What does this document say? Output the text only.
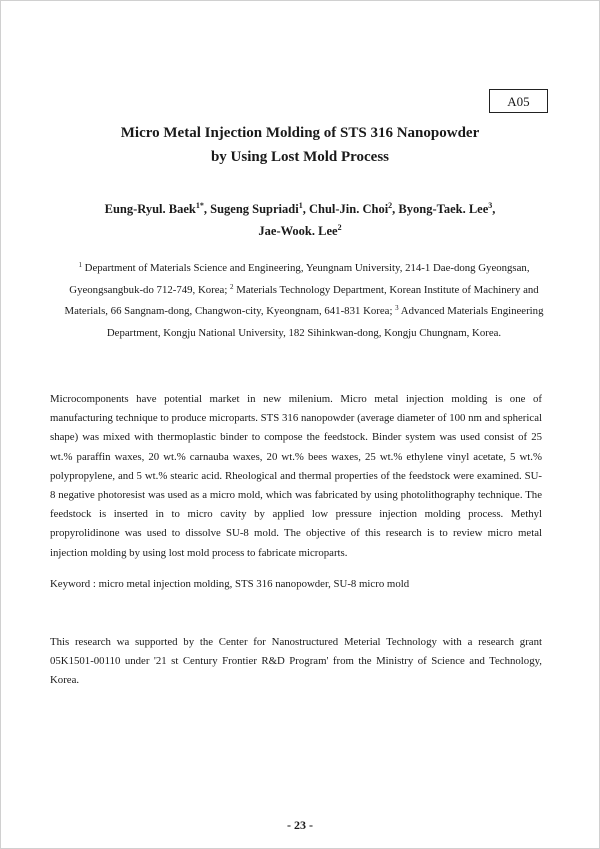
A05
Micro Metal Injection Molding of STS 316 Nanopowder
by Using Lost Mold Process
Eung-Ryul. Baek$^{1*}$, Sugeng Supriadi$^1$, Chul-Jin. Choi$^2$, Byong-Taek. Lee$^3$,
Jae-Wook. Lee$^2$
$^1$ Department of Materials Science and Engineering, Yeungnam University, 214-1 Dae-dong Gyeongsan, Gyeongsangbuk-do 712-749, Korea; $^2$ Materials Technology Department, Korean Institute of Machinery and Materials, 66 Sangnam-dong, Changwon-city, Kyeongnam, 641-831 Korea; $^3$ Advanced Materials Engineering Department, Kongju National University, 182 Sihinkwan-dong, Kongju Chungnam, Korea.
Microcomponents have potential market in new milenium. Micro metal injection molding is one of manufacturing technique to produce microparts. STS 316 nanopowder (average diameter of 100 nm and spherical shape) was mixed with thermoplastic binder to compose the feedstock. Binder system was used consist of 25 wt.% paraffin waxes, 20 wt.% carnauba waxes, 20 wt.% bees waxes, 25 wt.% ethylene vinyl acetate, 5 wt.% polypropylene, and 5 wt.% stearic acid. Rheological and thermal properties of the feedstock were examined. SU-8 negative photoresist was used as a micro mold, which was fabricated by using photolithography technique. The feedstock is inserted in to micro cavity by applied low pressure injection molding process. Methyl propyrolidinone was used to dissolve SU-8 mold. The objective of this research is to review micro metal injection molding by using lost mold process to fabricate microparts.
Keyword : micro metal injection molding, STS 316 nanopowder, SU-8 micro mold
This research wa supported by the Center for Nanostructured Meterial Technology with a research grant 05K1501-00110 under '21 st Century Frontier R&D Program' from the Ministry of Science and Technology, Korea.
- 23 -
